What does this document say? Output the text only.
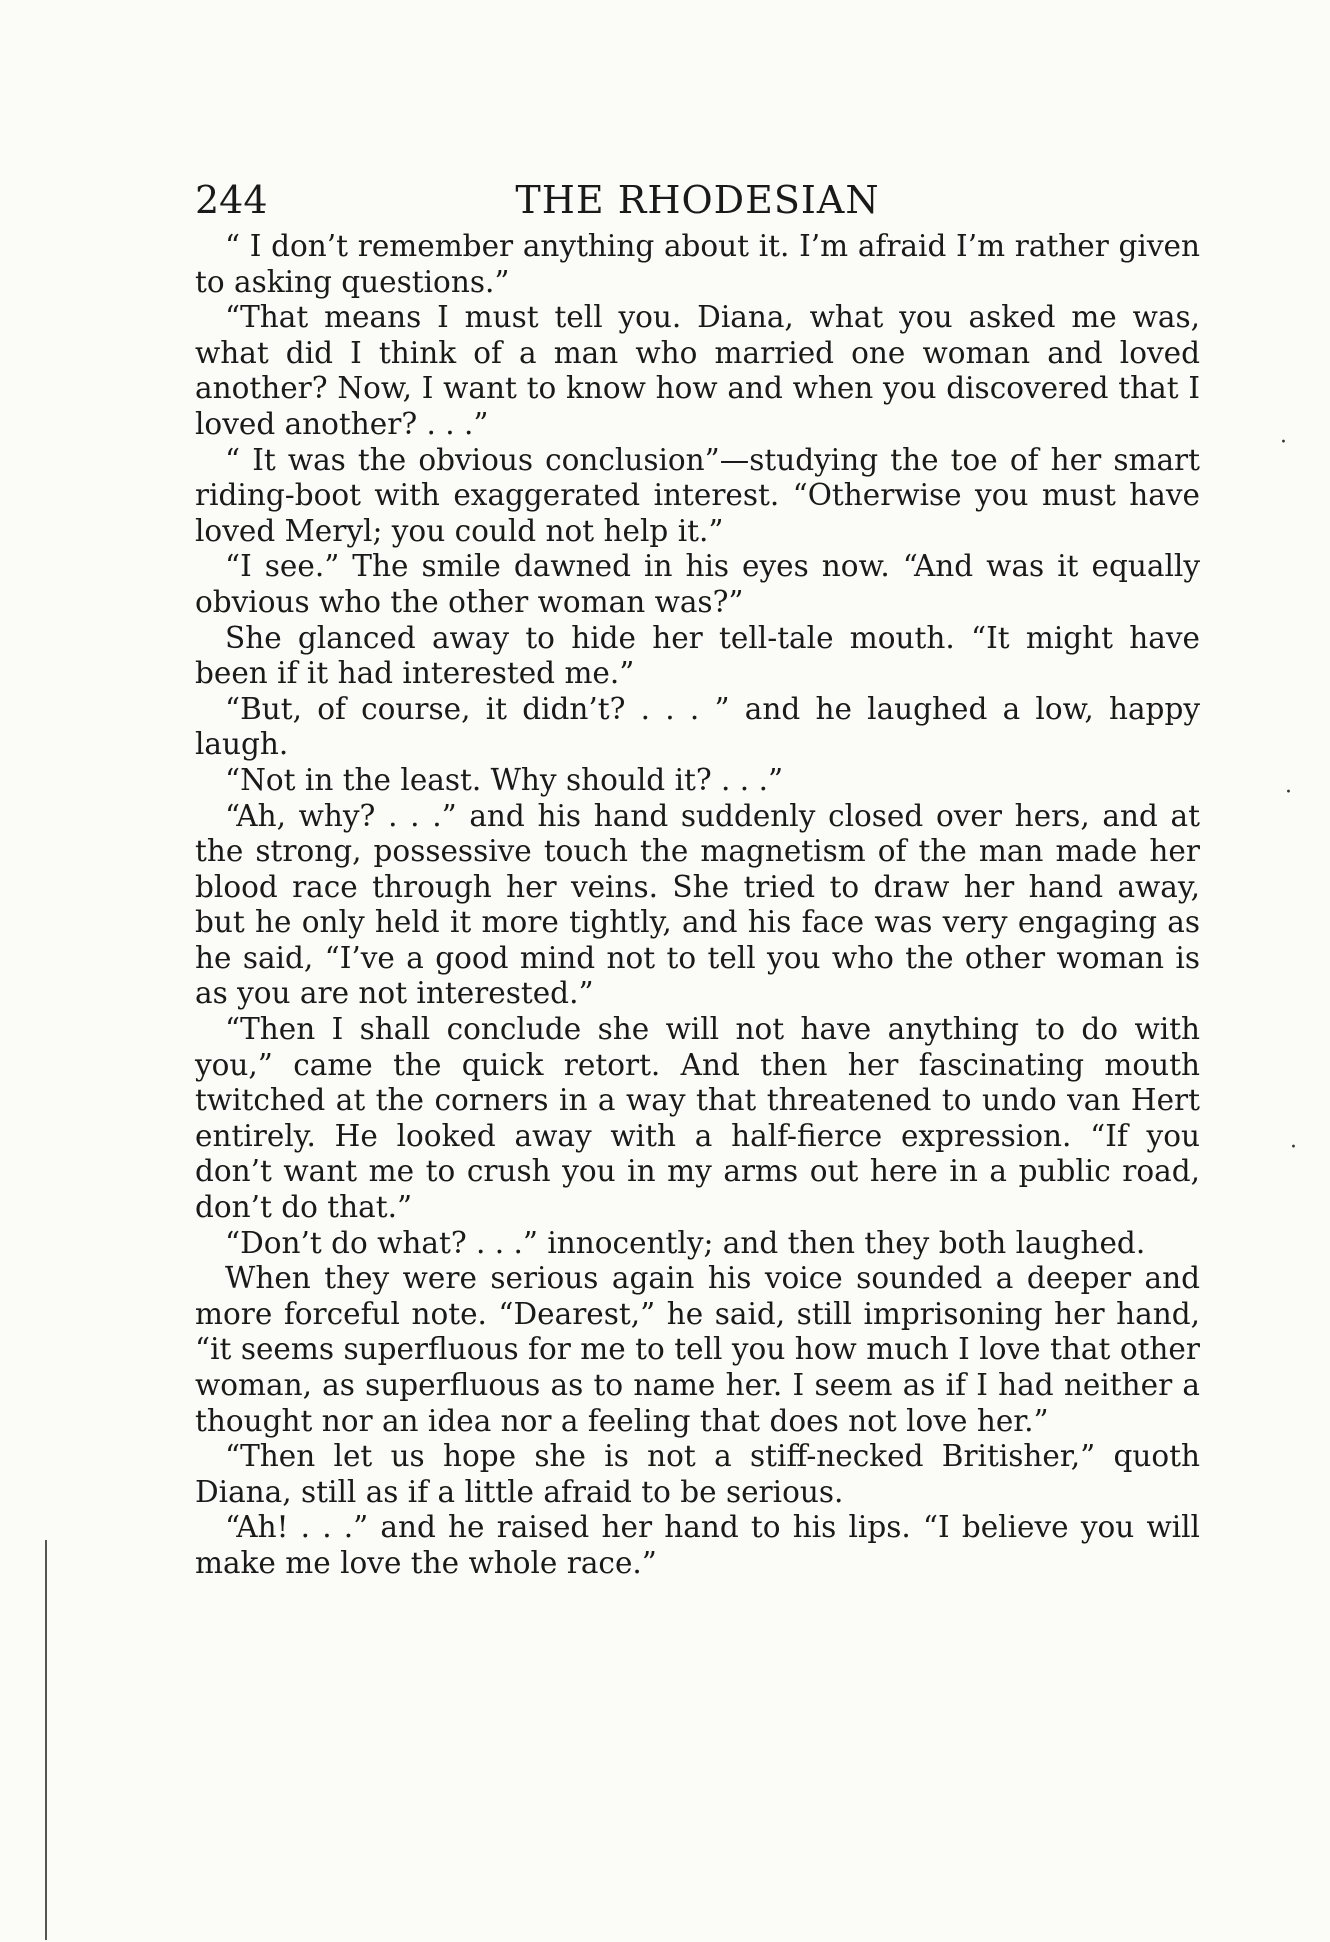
244	THE RHODESIAN

“ I don’t remember anything about it. I’m afraid I’m rather given to asking questions.”

“That means I must tell you. Diana, what you asked me was, what did I think of a man who married one woman and loved another? Now, I want to know how and when you discovered that I loved another? . . .”

“ It was the obvious conclusion”—studying the toe of her smart riding-boot with exaggerated interest. “Otherwise you must have loved Meryl; you could not help it.”

“I see.” The smile dawned in his eyes now. “And was it equally obvious who the other woman was?”

She glanced away to hide her tell-tale mouth. “It might have been if it had interested me.”

“But, of course, it didn’t? . . . ” and he laughed a low, happy laugh.

“Not in the least. Why should it? . . .”

“Ah, why? . . .” and his hand suddenly closed over hers, and at the strong, possessive touch the magnetism of the man made her blood race through her veins. She tried to draw her hand away, but he only held it more tightly, and his face was very engaging as he said, “I’ve a good mind not to tell you who the other woman is as you are not interested.”

“Then I shall conclude she will not have anything to do with you,” came the quick retort. And then her fascinating mouth twitched at the corners in a way that threatened to undo van Hert entirely. He looked away with a half-fierce expression. “If you don’t want me to crush you in my arms out here in a public road, don’t do that.”

“Don’t do what? . . .” innocently; and then they both laughed.

When they were serious again his voice sounded a deeper and more forceful note. “Dearest,” he said, still imprisoning her hand, “it seems superfluous for me to tell you how much I love that other woman, as superfluous as to name her. I seem as if I had neither a thought nor an idea nor a feeling that does not love her.”

“Then let us hope she is not a stiff-necked Britisher,” quoth Diana, still as if a little afraid to be serious.

“Ah! . . .” and he raised her hand to his lips. “I believe you will make me love the whole race.”

·
·
·
